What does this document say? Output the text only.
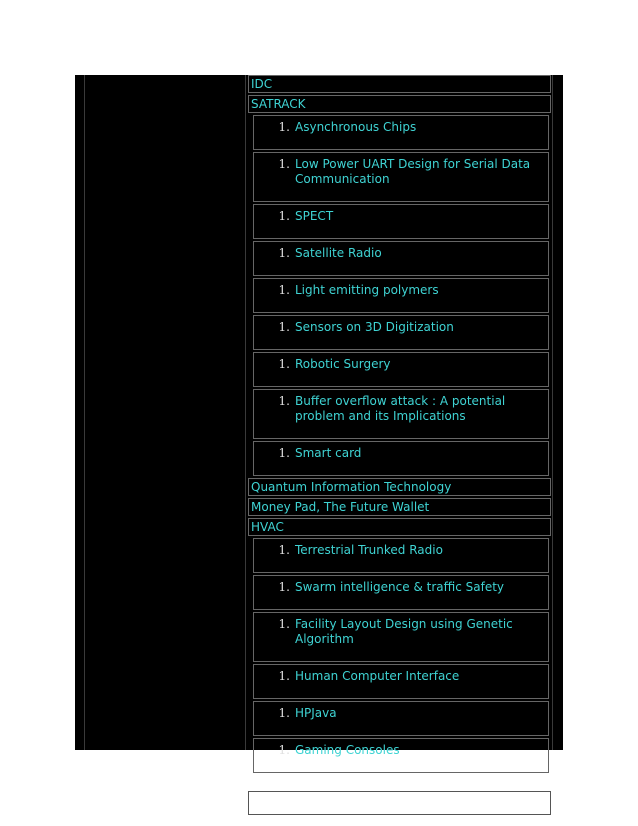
IDC
SATRACK
1. Asynchronous Chips
1. Low Power UART Design for Serial Data Communication
1. SPECT
1. Satellite Radio
1. Light emitting polymers
1. Sensors on 3D Digitization
1. Robotic Surgery
1. Buffer overflow attack : A potential problem and its Implications
1. Smart card
Quantum Information Technology
Money Pad, The Future Wallet
HVAC
1. Terrestrial Trunked Radio
1. Swarm intelligence & traffic Safety
1. Facility Layout Design using Genetic Algorithm
1. Human Computer Interface
1. HPJava
1. Gaming Consoles
